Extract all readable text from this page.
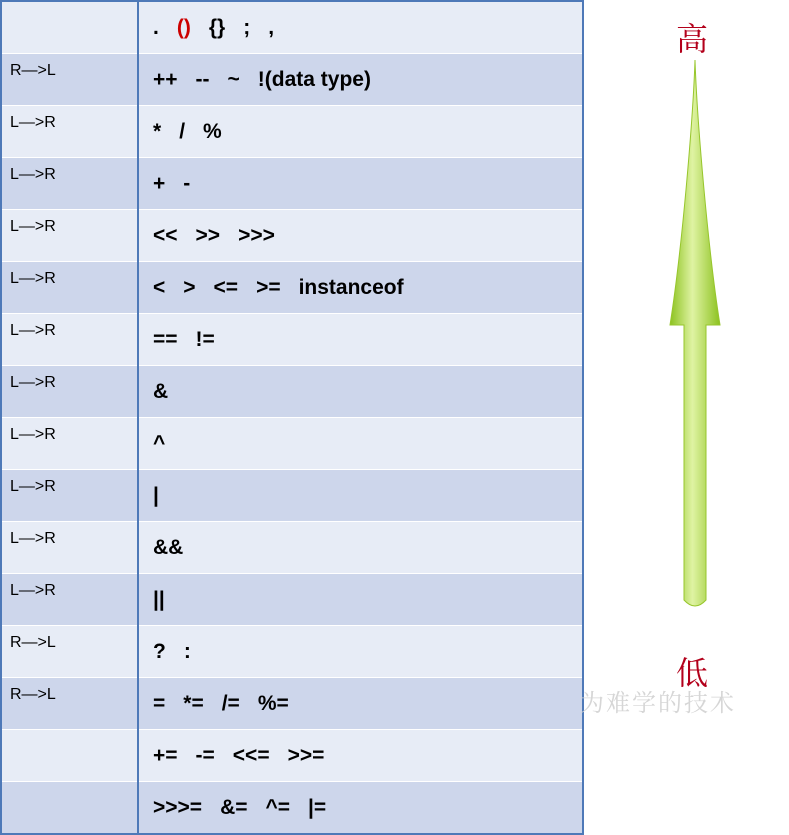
	. () {} ; ,
R—>L	++ -- ~ !(data type)
L—>R	* / %
L—>R	+ -
L—>R	<< >> >>>
L—>R	< > <= >= instanceof
L—>R	== !=
L—>R	&
L—>R	^
L—>R	|
L—>R	&&
L—>R	||
R—>L	? :
R—>L	= *= /= %=
	+= -= <<= >>=
	>>>= &= ^= |=
高
低
为难学的技术
